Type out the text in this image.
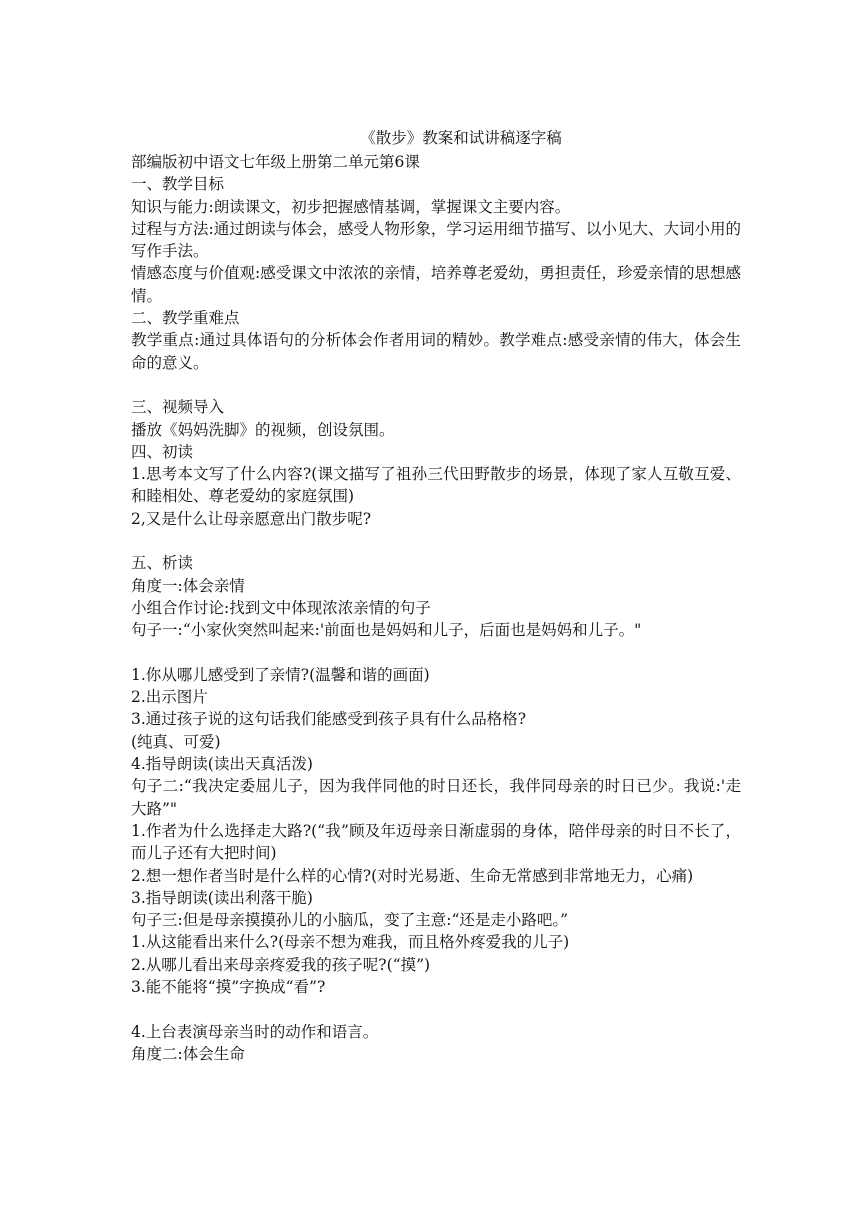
《散步》教案和试讲稿逐字稿
部编版初中语文七年级上册第二单元第6课
一、教学目标
知识与能力:朗读课文，初步把握感情基调，掌握课文主要内容。
过程与方法:通过朗读与体会，感受人物形象，学习运用细节描写、以小见大、大词小用的写作手法。
情感态度与价值观:感受课文中浓浓的亲情，培养尊老爱幼，勇担责任，珍爱亲情的思想感情。
二、教学重难点
教学重点:通过具体语句的分析体会作者用词的精妙。教学难点:感受亲情的伟大，体会生命的意义。
三、视频导入
播放《妈妈洗脚》的视频，创设氛围。
四、初读
1.思考本文写了什么内容?(课文描写了祖孙三代田野散步的场景，体现了家人互敬互爱、和睦相处、尊老爱幼的家庭氛围)
2,又是什么让母亲愿意出门散步呢?
五、析读
角度一:体会亲情
小组合作讨论:找到文中体现浓浓亲情的句子
句子一:“小家伙突然叫起来:'前面也是妈妈和儿子，后面也是妈妈和儿子。"
1.你从哪儿感受到了亲情?(温馨和谐的画面)
2.出示图片
3.通过孩子说的这句话我们能感受到孩子具有什么品格格?
(纯真、可爱)
4.指导朗读(读出天真活泼)
句子二:“我决定委屈儿子，因为我伴同他的时日还长，我伴同母亲的时日已少。我说:'走大路”"
1.作者为什么选择走大路?(“我”顾及年迈母亲日渐虚弱的身体，陪伴母亲的时日不长了，而儿子还有大把时间)
2.想一想作者当时是什么样的心情?(对时光易逝、生命无常感到非常地无力，心痛)
3.指导朗读(读出利落干脆)
句子三:但是母亲摸摸孙儿的小脑瓜，变了主意:“还是走小路吧。”
1.从这能看出来什么?(母亲不想为难我，而且格外疼爱我的儿子)
2.从哪儿看出来母亲疼爱我的孩子呢?(“摸”)
3.能不能将“摸”字换成“看”?
4.上台表演母亲当时的动作和语言。
角度二:体会生命
